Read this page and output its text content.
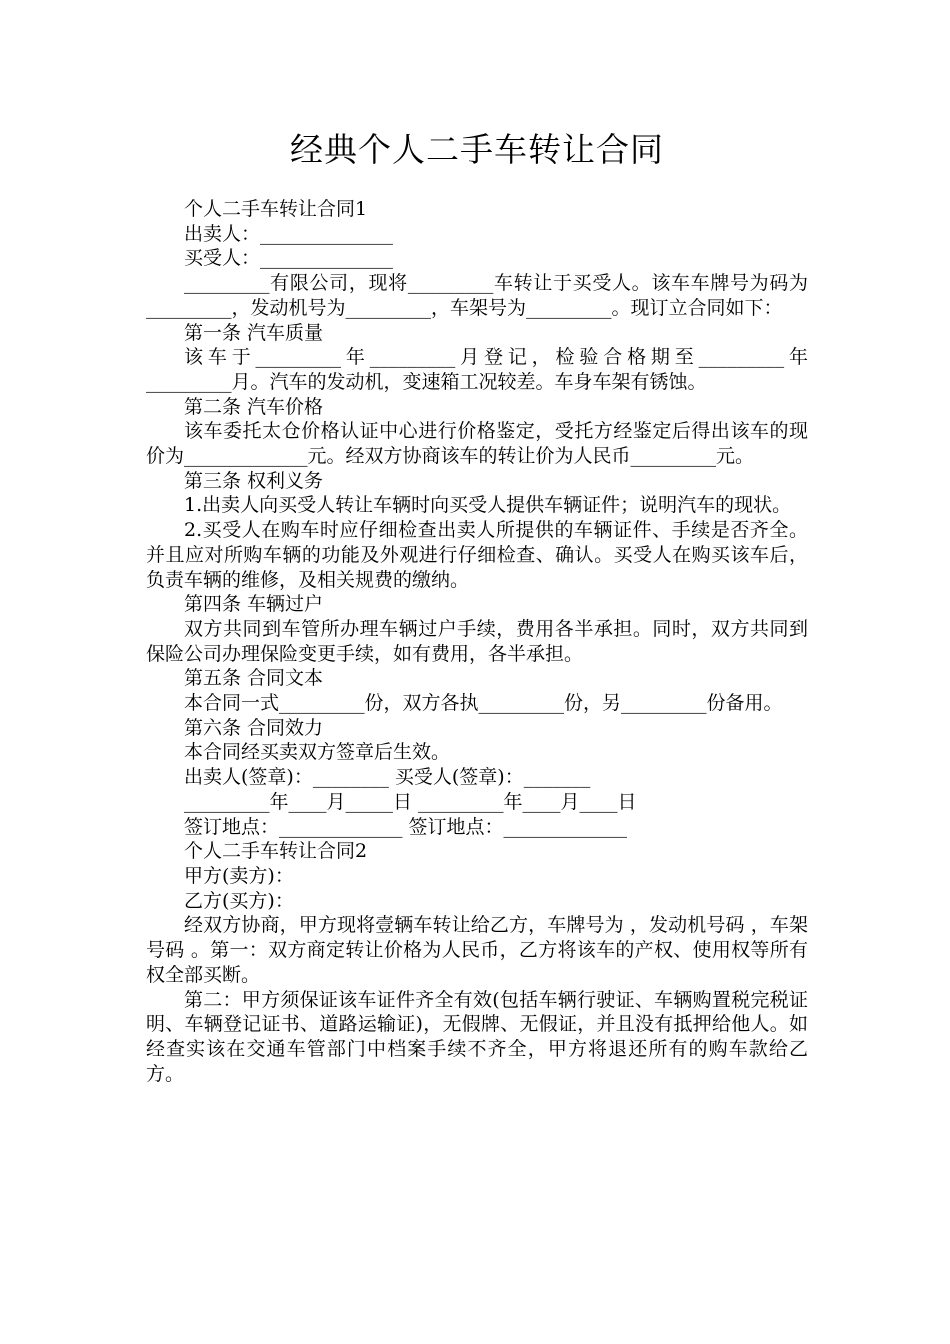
经典个人二手车转让合同

个人二手车转让合同1

出卖人：______________

买受人：______________

_________有限公司，现将_________车转让于买受人。该车车牌号为码为_________，发动机号为_________，车架号为_________。现订立合同如下：

第一条 汽车质量

该车于_________年_________月登记，检验合格期至_________年_________月。汽车的发动机，变速箱工况较差。车身车架有锈蚀。

第二条 汽车价格

该车委托太仓价格认证中心进行价格鉴定，受托方经鉴定后得出该车的现价为_____________元。经双方协商该车的转让价为人民币_________元。

第三条 权利义务

1.出卖人向买受人转让车辆时向买受人提供车辆证件；说明汽车的现状。

2.买受人在购车时应仔细检查出卖人所提供的车辆证件、手续是否齐全。并且应对所购车辆的功能及外观进行仔细检查、确认。买受人在购买该车后，负责车辆的维修，及相关规费的缴纳。

第四条 车辆过户

双方共同到车管所办理车辆过户手续，费用各半承担。同时，双方共同到保险公司办理保险变更手续，如有费用，各半承担。

第五条 合同文本

本合同一式_________份，双方各执_________份，另_________份备用。

第六条 合同效力

本合同经买卖双方签章后生效。

出卖人(签章)：________ 买受人(签章)：_______

_________年____月_____日 _________年____月____日

签订地点：_____________ 签订地点：_____________

个人二手车转让合同2

甲方(卖方)：

乙方(买方)：

经双方协商，甲方现将壹辆车转让给乙方，车牌号为 ，发动机号码 ，车架号码 。第一：双方商定转让价格为人民币，乙方将该车的产权、使用权等所有权全部买断。

第二：甲方须保证该车证件齐全有效(包括车辆行驶证、车辆购置税完税证明、车辆登记证书、道路运输证)，无假牌、无假证，并且没有抵押给他人。如经查实该在交通车管部门中档案手续不齐全，甲方将退还所有的购车款给乙方。
